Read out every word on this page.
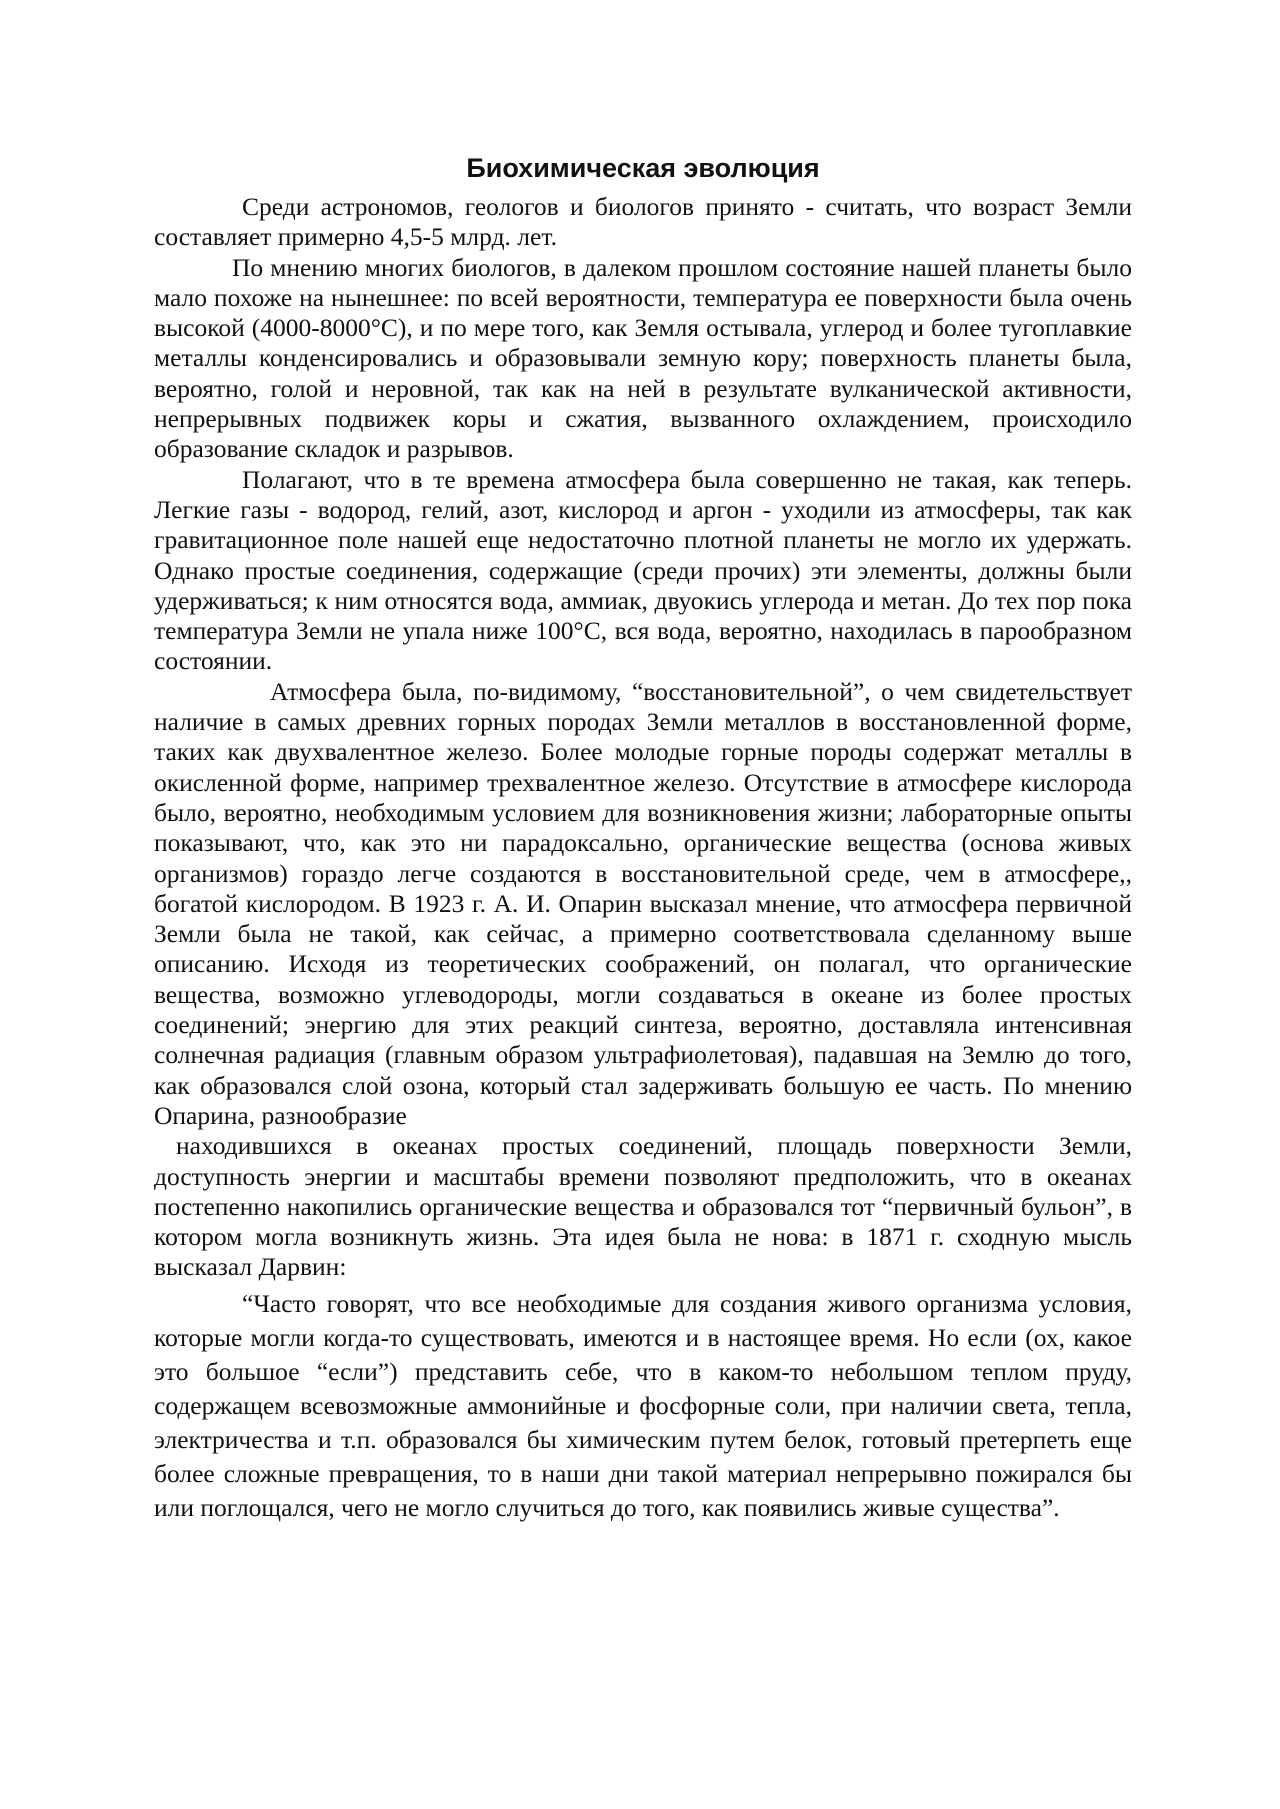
Биохимическая эволюция

Среди астрономов, геологов и биологов принято - считать, что возраст Земли составляет примерно 4,5-5 млрд. лет.

По мнению многих биологов, в далеком прошлом состояние нашей планеты было мало похоже на нынешнее: по всей вероятности, температура ее поверхности была очень высокой (4000-8000°С), и по мере того, как Земля остывала, углерод и более тугоплавкие металлы конденсировались и образовывали земную кору; поверхность планеты была, вероятно, голой и неровной, так как на ней в результате вулканической активности, непрерывных подвижек коры и сжатия, вызванного охлаждением, происходило образование складок и разрывов.

Полагают, что в те времена атмосфера была совершенно не такая, как теперь. Легкие газы - водород, гелий, азот, кислород и аргон - уходили из атмосферы, так как гравитационное поле нашей еще недостаточно плотной планеты не могло их удержать. Однако простые соединения, содержащие (среди прочих) эти элементы, должны были удерживаться; к ним относятся вода, аммиак, двуокись углерода и метан. До тех пор пока температура Земли не упала ниже 100°С, вся вода, вероятно, находилась в парообразном состоянии.

Атмосфера была, по-видимому, “восстановительной”, о чем свидетельствует наличие в самых древних горных породах Земли металлов в восстановленной форме, таких как двухвалентное железо. Более молодые горные породы содержат металлы в окисленной форме, например трехвалентное железо. Отсутствие в атмосфере кислорода было, вероятно, необходимым условием для возникновения жизни; лабораторные опыты показывают, что, как это ни парадоксально, органические вещества (основа живых организмов) гораздо легче создаются в восстановительной среде, чем в атмосфере,, богатой кислородом. В 1923 г. А. И. Опарин высказал мнение, что атмосфера первичной Земли была не такой, как сейчас, а примерно соответствовала сделанному выше описанию. Исходя из теоретических соображений, он полагал, что органические вещества, возможно углеводороды, могли создаваться в океане из более простых соединений; энергию для этих реакций синтеза, вероятно, доставляла интенсивная солнечная радиация (главным образом ультрафиолетовая), падавшая на Землю до того, как образовался слой озона, который стал задерживать большую ее часть. По мнению Опарина, разнообразие

находившихся в океанах простых соединений, площадь поверхности Земли, доступность энергии и масштабы времени позволяют предположить, что в океанах постепенно накопились органические вещества и образовался тот “первичный бульон”, в котором могла возникнуть жизнь. Эта идея была не нова: в 1871 г. сходную мысль высказал Дарвин:

“Часто говорят, что все необходимые для создания живого организма условия, которые могли когда-то существовать, имеются и в настоящее время. Но если (ох, какое это большое “если”) представить себе, что в каком-то небольшом теплом пруду, содержащем всевозможные аммонийные и фосфорные соли, при наличии света, тепла, электричества и т.п. образовался бы химическим путем белок, готовый претерпеть еще более сложные превращения, то в наши дни такой материал непрерывно пожирался бы или поглощался, чего не могло случиться до того, как появились живые существа”.
